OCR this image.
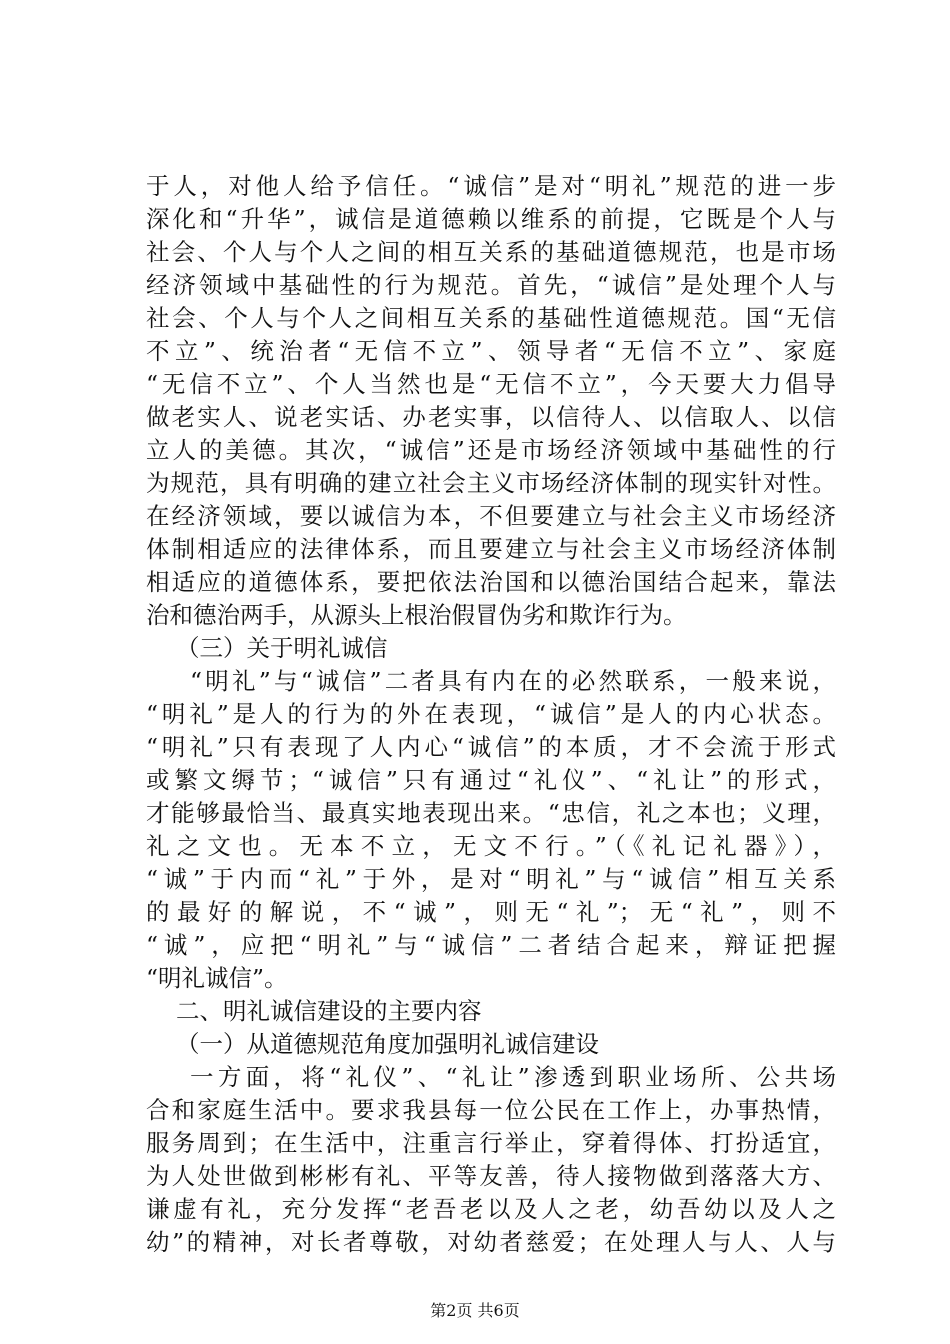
于人，对他人给予信任。“诚信”是对“明礼”规范的进一步
深化和“升华”，诚信是道德赖以维系的前提，它既是个人与
社会、个人与个人之间的相互关系的基础道德规范，也是市场
经济领域中基础性的行为规范。首先，“诚信”是处理个人与
社会、个人与个人之间相互关系的基础性道德规范。国“无信
不立”、统治者“无信不立”、领导者“无信不立”、家庭
“无信不立”、个人当然也是“无信不立”，今天要大力倡导
做老实人、说老实话、办老实事，以信待人、以信取人、以信
立人的美德。其次，“诚信”还是市场经济领域中基础性的行
为规范，具有明确的建立社会主义市场经济体制的现实针对性。
在经济领域，要以诚信为本，不但要建立与社会主义市场经济
体制相适应的法律体系，而且要建立与社会主义市场经济体制
相适应的道德体系，要把依法治国和以德治国结合起来，靠法
治和德治两手，从源头上根治假冒伪劣和欺诈行为。
（三）关于明礼诚信
“明礼”与“诚信”二者具有内在的必然联系，一般来说，
“明礼”是人的行为的外在表现，“诚信”是人的内心状态。
“明礼”只有表现了人内心“诚信”的本质，才不会流于形式
或繁文缛节；“诚信”只有通过“礼仪”、“礼让”的形式，
才能够最恰当、最真实地表现出来。“忠信，礼之本也；义理，
礼之文也。无本不立，无文不行。”（《礼记礼器》），
“诚”于内而“礼”于外，是对“明礼”与“诚信”相互关系
的最好的解说，不“诚”，则无“礼”；无“礼”，则不
“诚”，应把“明礼”与“诚信”二者结合起来，辩证把握
“明礼诚信”。
二、明礼诚信建设的主要内容
（一）从道德规范角度加强明礼诚信建设
一方面，将“礼仪”、“礼让”渗透到职业场所、公共场
合和家庭生活中。要求我县每一位公民在工作上，办事热情，
服务周到；在生活中，注重言行举止，穿着得体、打扮适宜，
为人处世做到彬彬有礼、平等友善，待人接物做到落落大方、
谦虚有礼，充分发挥“老吾老以及人之老，幼吾幼以及人之
幼”的精神，对长者尊敬，对幼者慈爱；在处理人与人、人与
第2页 共6页
